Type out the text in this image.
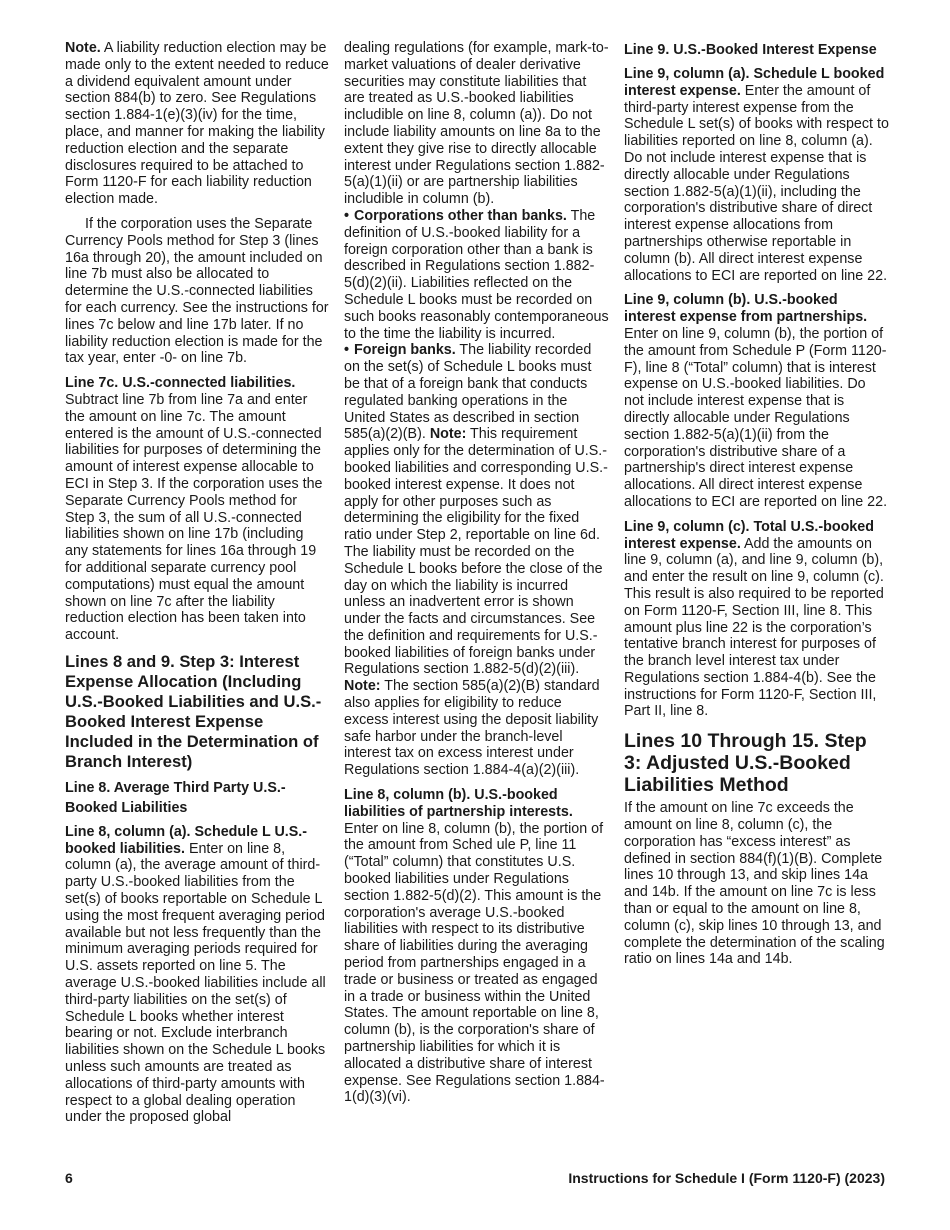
Note. A liability reduction election may be made only to the extent needed to reduce a dividend equivalent amount under section 884(b) to zero. See Regulations section 1.884-1(e)(3)(iv) for the time, place, and manner for making the liability reduction election and the separate disclosures required to be attached to Form 1120-F for each liability reduction election made.

If the corporation uses the Separate Currency Pools method for Step 3 (lines 16a through 20), the amount included on line 7b must also be allocated to determine the U.S.-connected liabilities for each currency. See the instructions for lines 7c below and line 17b later. If no liability reduction election is made for the tax year, enter -0- on line 7b.

Line 7c. U.S.-connected liabilities. Subtract line 7b from line 7a and enter the amount on line 7c. The amount entered is the amount of U.S.-connected liabilities for purposes of determining the amount of interest expense allocable to ECI in Step 3. If the corporation uses the Separate Currency Pools method for Step 3, the sum of all U.S.-connected liabilities shown on line 17b (including any statements for lines 16a through 19 for additional separate currency pool computations) must equal the amount shown on line 7c after the liability reduction election has been taken into account.

Lines 8 and 9. Step 3: Interest Expense Allocation (Including U.S.-Booked Liabilities and U.S.-Booked Interest Expense Included in the Determination of Branch Interest)
Line 8. Average Third Party U.S.-Booked Liabilities

Line 8, column (a). Schedule L U.S.-booked liabilities. Enter on line 8, column (a), the average amount of third-party U.S.-booked liabilities from the set(s) of books reportable on Schedule L using the most frequent averaging period available but not less frequently than the minimum averaging periods required for U.S. assets reported on line 5. The average U.S.-booked liabilities include all third-party liabilities on the set(s) of Schedule L books whether interest bearing or not. Exclude interbranch liabilities shown on the Schedule L books unless such amounts are treated as allocations of third-party amounts with respect to a global dealing operation under the proposed global

dealing regulations (for example, mark-to-market valuations of dealer derivative securities may constitute liabilities that are treated as U.S.-booked liabilities includible on line 8, column (a)). Do not include liability amounts on line 8a to the extent they give rise to directly allocable interest under Regulations section 1.882-5(a)(1)(ii) or are partnership liabilities includible in column (b).

• Corporations other than banks. The definition of U.S.-booked liability for a foreign corporation other than a bank is described in Regulations section 1.882-5(d)(2)(ii). Liabilities reflected on the Schedule L books must be recorded on such books reasonably contemporaneous to the time the liability is incurred.

• Foreign banks. The liability recorded on the set(s) of Schedule L books must be that of a foreign bank that conducts regulated banking operations in the United States as described in section 585(a)(2)(B). Note: This requirement applies only for the determination of U.S.-booked liabilities and corresponding U.S.-booked interest expense. It does not apply for other purposes such as determining the eligibility for the fixed ratio under Step 2, reportable on line 6d. The liability must be recorded on the Schedule L books before the close of the day on which the liability is incurred unless an inadvertent error is shown under the facts and circumstances. See the definition and requirements for U.S.-booked liabilities of foreign banks under Regulations section 1.882-5(d)(2)(iii). Note: The section 585(a)(2)(B) standard also applies for eligibility to reduce excess interest using the deposit liability safe harbor under the branch-level interest tax on excess interest under Regulations section 1.884-4(a)(2)(iii).

Line 8, column (b). U.S.-booked liabilities of partnership interests. Enter on line 8, column (b), the portion of the amount from Sched ule P, line 11 (“Total” column) that constitutes U.S. booked liabilities under Regulations section 1.882-5(d)(2). This amount is the corporation's average U.S.-booked liabilities with respect to its distributive share of liabilities during the averaging period from partnerships engaged in a trade or business or treated as engaged in a trade or business within the United States. The amount reportable on line 8, column (b), is the corporation's share of partnership liabilities for which it is allocated a distributive share of interest expense. See Regulations section 1.884-1(d)(3)(vi).

Line 9. U.S.-Booked Interest Expense

Line 9, column (a). Schedule L booked interest expense. Enter the amount of third-party interest expense from the Schedule L set(s) of books with respect to liabilities reported on line 8, column (a). Do not include interest expense that is directly allocable under Regulations section 1.882-5(a)(1)(ii), including the corporation's distributive share of direct interest expense allocations from partnerships otherwise reportable in column (b). All direct interest expense allocations to ECI are reported on line 22.

Line 9, column (b). U.S.-booked interest expense from partnerships. Enter on line 9, column (b), the portion of the amount from Schedule P (Form 1120-F), line 8 (“Total” column) that is interest expense on U.S.-booked liabilities. Do not include interest expense that is directly allocable under Regulations section 1.882-5(a)(1)(ii) from the corporation's distributive share of a partnership's direct interest expense allocations. All direct interest expense allocations to ECI are reported on line 22.

Line 9, column (c). Total U.S.-booked interest expense. Add the amounts on line 9, column (a), and line 9, column (b), and enter the result on line 9, column (c). This result is also required to be reported on Form 1120-F, Section III, line 8. This amount plus line 22 is the corporation’s tentative branch interest for purposes of the branch level interest tax under Regulations section 1.884-4(b). See the instructions for Form 1120-F, Section III, Part II, line 8.

Lines 10 Through 15. Step 3: Adjusted U.S.-Booked Liabilities Method

If the amount on line 7c exceeds the amount on line 8, column (c), the corporation has “excess interest” as defined in section 884(f)(1)(B). Complete lines 10 through 13, and skip lines 14a and 14b. If the amount on line 7c is less than or equal to the amount on line 8, column (c), skip lines 10 through 13, and complete the determination of the scaling ratio on lines 14a and 14b.

6	Instructions for Schedule I (Form 1120-F) (2023)
